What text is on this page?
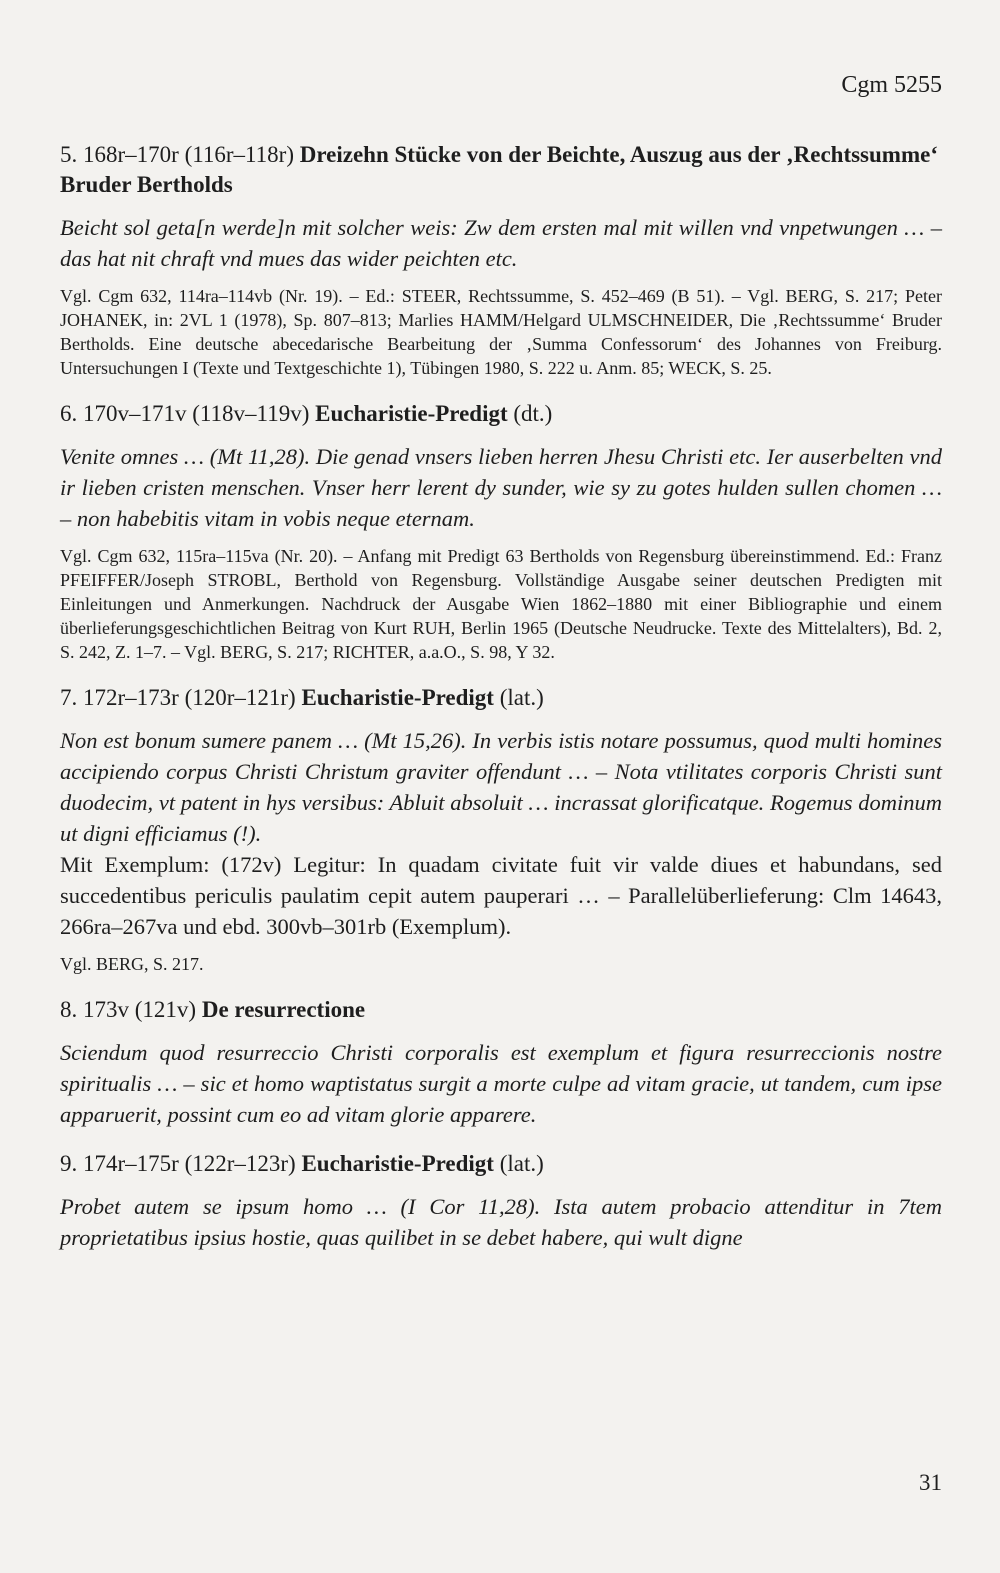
Cgm 5255

5. 168r–170r (116r–118r) Dreizehn Stücke von der Beichte, Auszug aus der ‚Rechtssumme‘ Bruder Bertholds

Beicht sol geta[n werde]n mit solcher weis: Zw dem ersten mal mit willen vnd vnpetwungen … – das hat nit chraft vnd mues das wider peichten etc.

Vgl. Cgm 632, 114ra–114vb (Nr. 19). – Ed.: STEER, Rechtssumme, S. 452–469 (B 51). – Vgl. BERG, S. 217; Peter JOHANEK, in: 2VL 1 (1978), Sp. 807–813; Marlies HAMM/Helgard ULMSCHNEIDER, Die ‚Rechtssumme‘ Bruder Bertholds. Eine deutsche abecedarische Bearbeitung der ‚Summa Confessorum‘ des Johannes von Freiburg. Untersuchungen I (Texte und Textgeschichte 1), Tübingen 1980, S. 222 u. Anm. 85; WECK, S. 25.

6. 170v–171v (118v–119v) Eucharistie-Predigt (dt.)

Venite omnes … (Mt 11,28). Die genad vnsers lieben herren Jhesu Christi etc. Ier auserbelten vnd ir lieben cristen menschen. Vnser herr lerent dy sunder, wie sy zu gotes hulden sullen chomen … – non habebitis vitam in vobis neque eternam.

Vgl. Cgm 632, 115ra–115va (Nr. 20). – Anfang mit Predigt 63 Bertholds von Regensburg übereinstimmend. Ed.: Franz PFEIFFER/Joseph STROBL, Berthold von Regensburg. Vollständige Ausgabe seiner deutschen Predigten mit Einleitungen und Anmerkungen. Nachdruck der Ausgabe Wien 1862–1880 mit einer Bibliographie und einem überlieferungsgeschichtlichen Beitrag von Kurt RUH, Berlin 1965 (Deutsche Neudrucke. Texte des Mittelalters), Bd. 2, S. 242, Z. 1–7. – Vgl. BERG, S. 217; RICHTER, a.a.O., S. 98, Y 32.

7. 172r–173r (120r–121r) Eucharistie-Predigt (lat.)

Non est bonum sumere panem … (Mt 15,26). In verbis istis notare possumus, quod multi homines accipiendo corpus Christi Christum graviter offendunt … – Nota vtilitates corporis Christi sunt duodecim, vt patent in hys versibus: Abluit absoluit … incrassat glorificatque. Rogemus dominum ut digni efficiamus (!).

Mit Exemplum: (172v) Legitur: In quadam civitate fuit vir valde diues et habundans, sed succedentibus periculis paulatim cepit autem pauperari … – Parallelüberlieferung: Clm 14643, 266ra–267va und ebd. 300vb–301rb (Exemplum).

Vgl. BERG, S. 217.

8. 173v (121v) De resurrectione

Sciendum quod resurreccio Christi corporalis est exemplum et figura resurreccionis nostre spiritualis … – sic et homo waptistatus surgit a morte culpe ad vitam gracie, ut tandem, cum ipse apparuerit, possint cum eo ad vitam glorie apparere.

9. 174r–175r (122r–123r) Eucharistie-Predigt (lat.)

Probet autem se ipsum homo … (I Cor 11,28). Ista autem probacio attenditur in 7tem proprietatibus ipsius hostie, quas quilibet in se debet habere, qui wult digne

31
